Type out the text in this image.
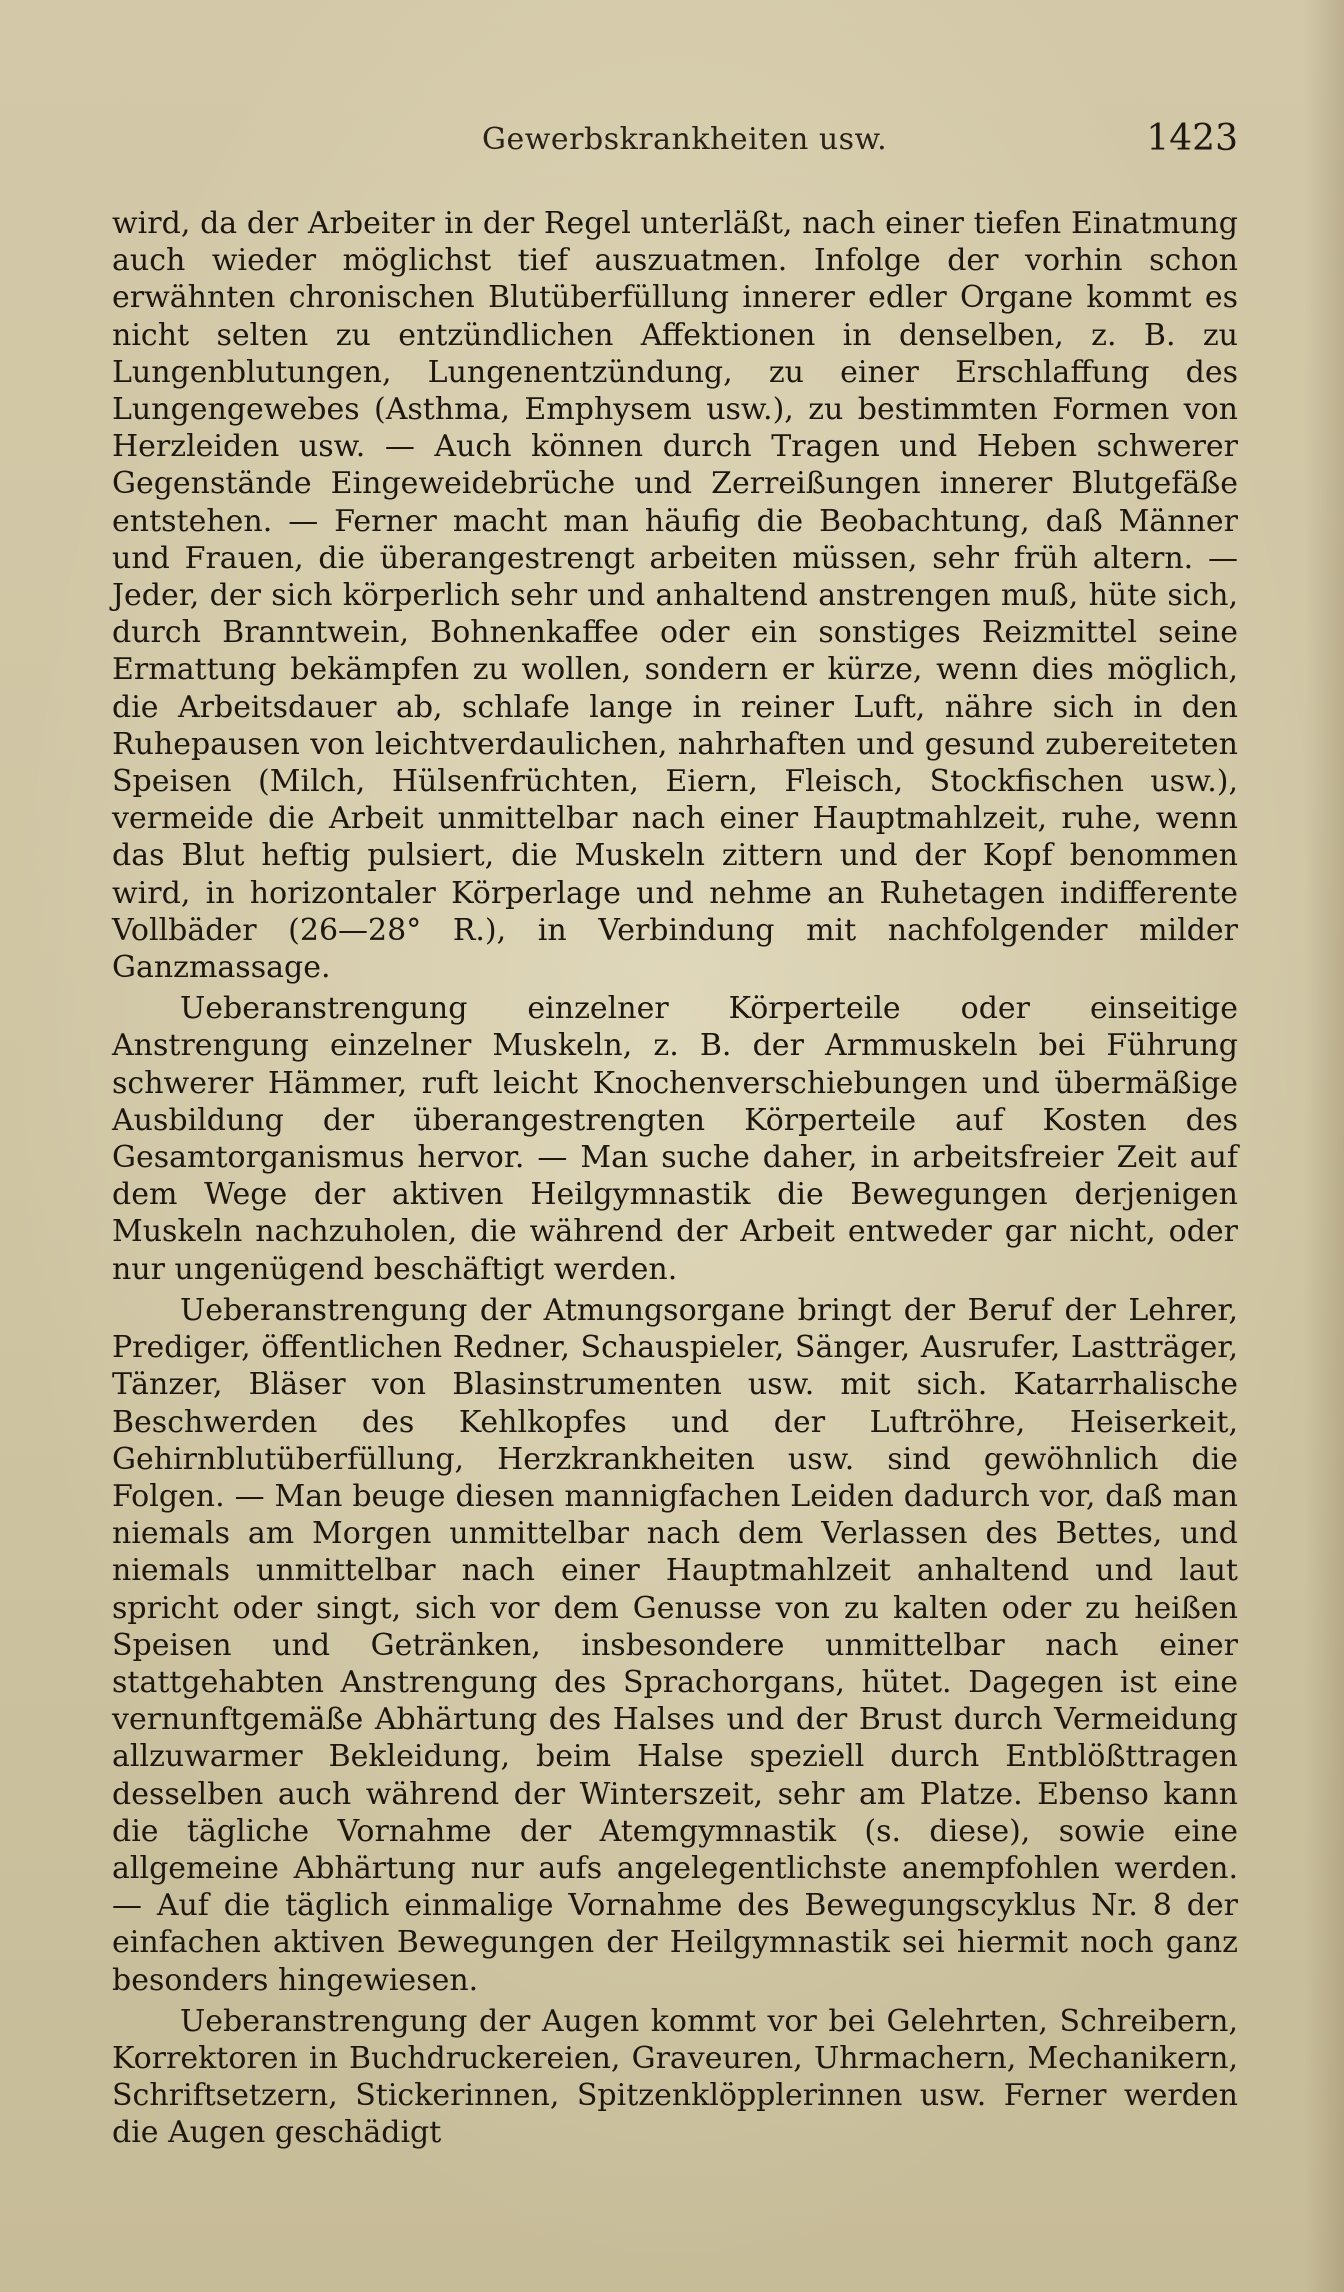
Gewerbskrankheiten usw.	1423

wird, da der Arbeiter in der Regel unterläßt, nach einer tiefen Einatmung auch wieder möglichst tief auszuatmen. Infolge der vorhin schon erwähnten chronischen Blutüberfüllung innerer edler Organe kommt es nicht selten zu entzündlichen Affektionen in denselben, z. B. zu Lungenblutungen, Lungenentzündung, zu einer Erschlaffung des Lungengewebes (Asthma, Emphysem usw.), zu bestimmten Formen von Herzleiden usw. — Auch können durch Tragen und Heben schwerer Gegenstände Eingeweidebrüche und Zerreißungen innerer Blutgefäße entstehen. — Ferner macht man häufig die Beobachtung, daß Männer und Frauen, die überangestrengt arbeiten müssen, sehr früh altern. — Jeder, der sich körperlich sehr und anhaltend anstrengen muß, hüte sich, durch Branntwein, Bohnenkaffee oder ein sonstiges Reizmittel seine Ermattung bekämpfen zu wollen, sondern er kürze, wenn dies möglich, die Arbeitsdauer ab, schlafe lange in reiner Luft, nähre sich in den Ruhepausen von leichtverdaulichen, nahrhaften und gesund zubereiteten Speisen (Milch, Hülsenfrüchten, Eiern, Fleisch, Stockfischen usw.), vermeide die Arbeit unmittelbar nach einer Hauptmahlzeit, ruhe, wenn das Blut heftig pulsiert, die Muskeln zittern und der Kopf benommen wird, in horizontaler Körperlage und nehme an Ruhetagen indifferente Vollbäder (26—28° R.), in Verbindung mit nachfolgender milder Ganzmassage.

Ueberanstrengung einzelner Körperteile oder einseitige Anstrengung einzelner Muskeln, z. B. der Armmuskeln bei Führung schwerer Hämmer, ruft leicht Knochenverschiebungen und übermäßige Ausbildung der überangestrengten Körperteile auf Kosten des Gesamtorganismus hervor. — Man suche daher, in arbeitsfreier Zeit auf dem Wege der aktiven Heilgymnastik die Bewegungen derjenigen Muskeln nachzuholen, die während der Arbeit entweder gar nicht, oder nur ungenügend beschäftigt werden.

Ueberanstrengung der Atmungsorgane bringt der Beruf der Lehrer, Prediger, öffentlichen Redner, Schauspieler, Sänger, Ausrufer, Lastträger, Tänzer, Bläser von Blasinstrumenten usw. mit sich. Katarrhalische Beschwerden des Kehlkopfes und der Luftröhre, Heiserkeit, Gehirnblutüberfüllung, Herzkrankheiten usw. sind gewöhnlich die Folgen. — Man beuge diesen mannigfachen Leiden dadurch vor, daß man niemals am Morgen unmittelbar nach dem Verlassen des Bettes, und niemals unmittelbar nach einer Hauptmahlzeit anhaltend und laut spricht oder singt, sich vor dem Genusse von zu kalten oder zu heißen Speisen und Getränken, insbesondere unmittelbar nach einer stattgehabten Anstrengung des Sprachorgans, hütet. Dagegen ist eine vernunftgemäße Abhärtung des Halses und der Brust durch Vermeidung allzuwarmer Bekleidung, beim Halse speziell durch Entblößttragen desselben auch während der Winterszeit, sehr am Platze. Ebenso kann die tägliche Vornahme der Atemgymnastik (s. diese), sowie eine allgemeine Abhärtung nur aufs angelegentlichste anempfohlen werden. — Auf die täglich einmalige Vornahme des Bewegungscyklus Nr. 8 der einfachen aktiven Bewegungen der Heilgymnastik sei hiermit noch ganz besonders hingewiesen.

Ueberanstrengung der Augen kommt vor bei Gelehrten, Schreibern, Korrektoren in Buchdruckereien, Graveuren, Uhrmachern, Mechanikern, Schriftsetzern, Stickerinnen, Spitzenklöpplerinnen usw. Ferner werden die Augen geschädigt
